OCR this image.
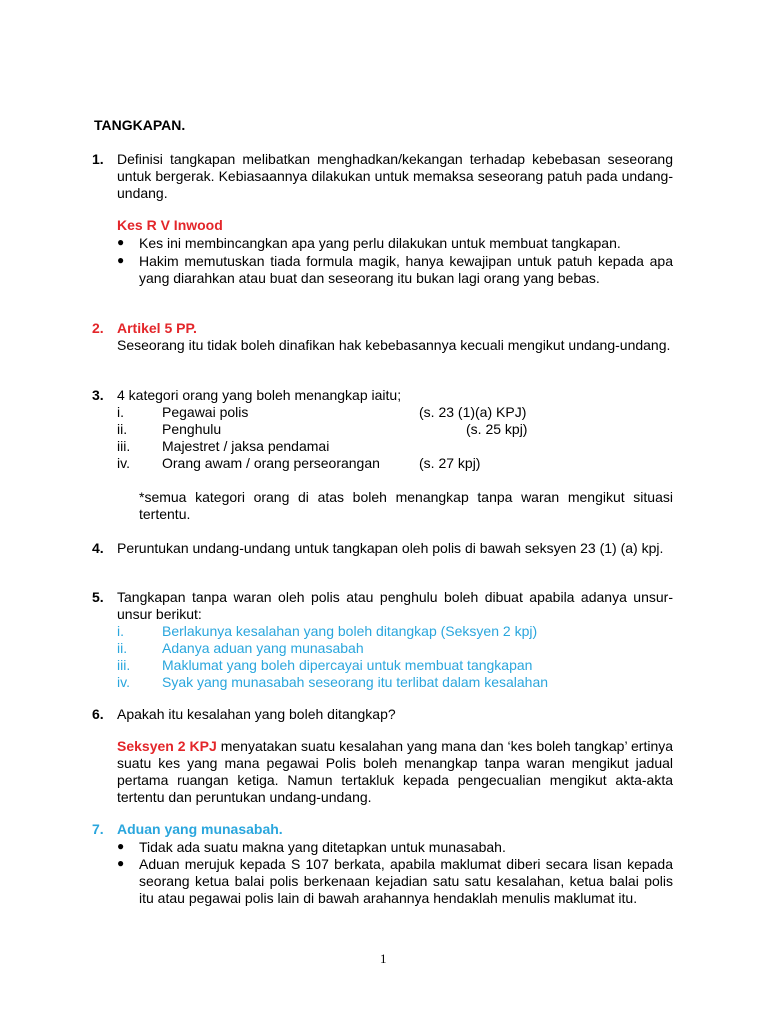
TANGKAPAN.
1. Definisi tangkapan melibatkan menghadkan/kekangan terhadap kebebasan seseorang untuk bergerak. Kebiasaannya dilakukan untuk memaksa seseorang patuh pada undang-undang.
Kes R V Inwood
● Kes ini membincangkan apa yang perlu dilakukan untuk membuat tangkapan.
● Hakim memutuskan tiada formula magik, hanya kewajipan untuk patuh kepada apa yang diarahkan atau buat dan seseorang itu bukan lagi orang yang bebas.
2. Artikel 5 PP.
Seseorang itu tidak boleh dinafikan hak kebebasannya kecuali mengikut undang-undang.
3. 4 kategori orang yang boleh menangkap iaitu;
i.	Pegawai polis	(s. 23 (1)(a) KPJ)
ii. Penghulu	(s. 25 kpj)
iii. Majestret / jaksa pendamai
iv. Orang awam / orang perseorangan	(s. 27 kpj)
*semua kategori orang di atas boleh menangkap tanpa waran mengikut situasi tertentu.
4. Peruntukan undang-undang untuk tangkapan oleh polis di bawah seksyen 23 (1) (a) kpj.
5. Tangkapan tanpa waran oleh polis atau penghulu boleh dibuat apabila adanya unsur-unsur berikut:
i.	Berlakunya kesalahan yang boleh ditangkap (Seksyen 2 kpj)
ii. Adanya aduan yang munasabah
iii. Maklumat yang boleh dipercayai untuk membuat tangkapan
iv. Syak yang munasabah seseorang itu terlibat dalam kesalahan
6. Apakah itu kesalahan yang boleh ditangkap?
Seksyen 2 KPJ menyatakan suatu kesalahan yang mana dan ‘kes boleh tangkap’ ertinya suatu kes yang mana pegawai Polis boleh menangkap tanpa waran mengikut jadual pertama ruangan ketiga. Namun tertakluk kepada pengecualian mengikut akta-akta tertentu dan peruntukan undang-undang.
7. Aduan yang munasabah.
● Tidak ada suatu makna yang ditetapkan untuk munasabah.
● Aduan merujuk kepada S 107 berkata, apabila maklumat diberi secara lisan kepada seorang ketua balai polis berkenaan kejadian satu satu kesalahan, ketua balai polis itu atau pegawai polis lain di bawah arahannya hendaklah menulis maklumat itu.
1
